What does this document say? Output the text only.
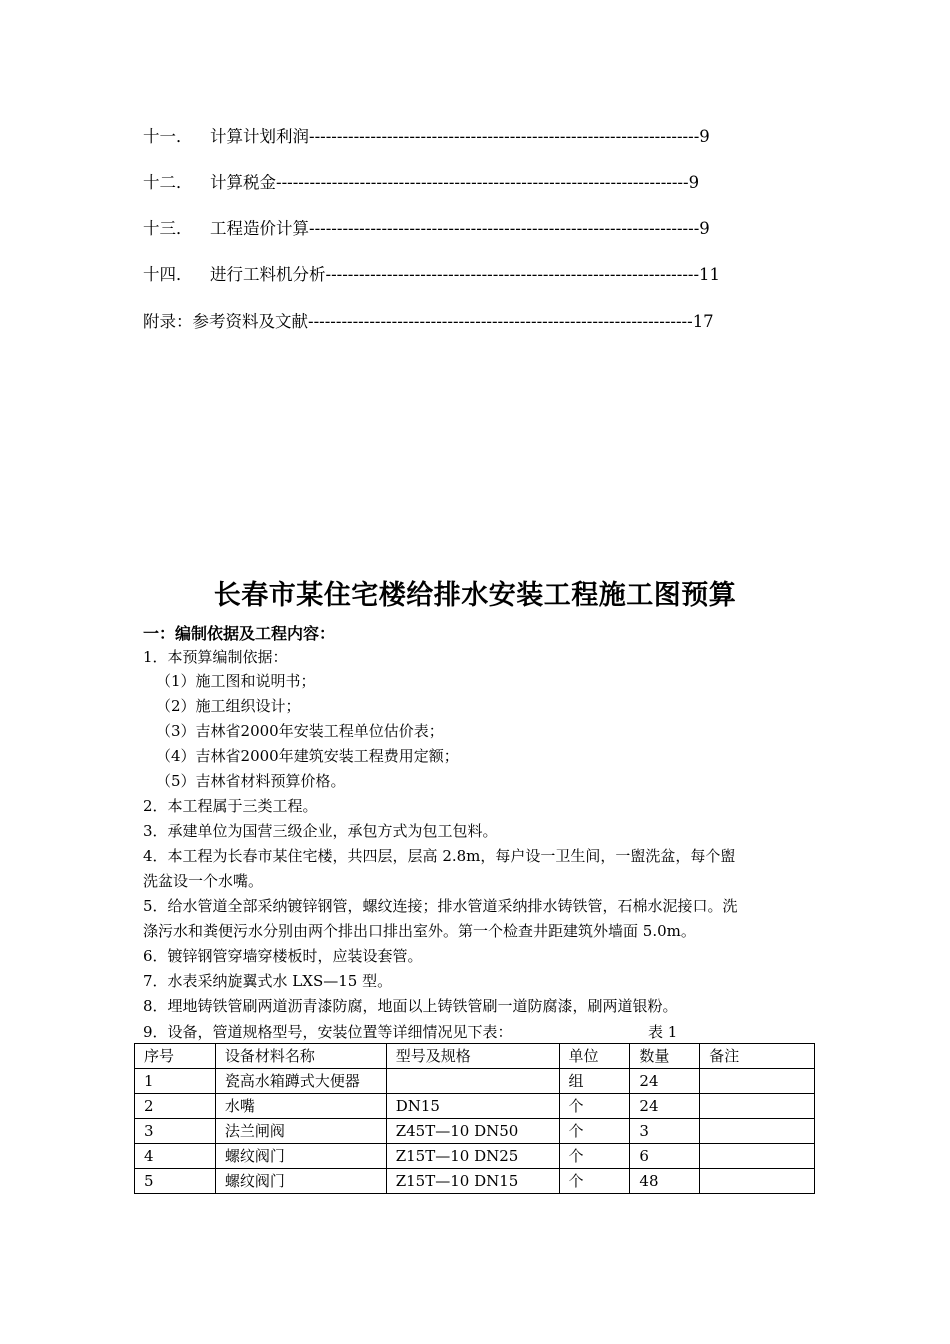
十一． 计算计划利润----------------------------------------------------------------------9
十二． 计算税金--------------------------------------------------------------------------9
十三． 工程造价计算----------------------------------------------------------------------9
十四． 进行工料机分析-------------------------------------------------------------------11
附录：参考资料及文献---------------------------------------------------------------------17
长春市某住宅楼给排水安装工程施工图预算
一：编制依据及工程内容：
1．本预算编制依据：
（1）施工图和说明书；
（2）施工组织设计；
（3）吉林省2000年安装工程单位估价表；
（4）吉林省2000年建筑安装工程费用定额；
（5）吉林省材料预算价格。
2．本工程属于三类工程。
3．承建单位为国营三级企业，承包方式为包工包料。
4．本工程为长春市某住宅楼，共四层，层高 2.8m，每户设一卫生间，一盥洗盆，每个盥
洗盆设一个水嘴。
5．给水管道全部采纳镀锌钢管，螺纹连接；排水管道采纳排水铸铁管，石棉水泥接口。洗
涤污水和粪便污水分别由两个排出口排出室外。第一个检查井距建筑外墙面 5.0m。
6．镀锌钢管穿墙穿楼板时，应装设套管。
7．水表采纳旋翼式水 LXS—15 型。
8．埋地铸铁管刷两道沥青漆防腐，地面以上铸铁管刷一道防腐漆，刷两道银粉。
9．设备，管道规格型号，安装位置等详细情况见下表：	表 1
序号	设备材料名称	型号及规格	单位	数量	备注
1	瓷高水箱蹲式大便器		组	24	
2	水嘴	DN15	个	24	
3	法兰闸阀	Z45T—10 DN50	个	3	
4	螺纹阀门	Z15T—10 DN25	个	6	
5	螺纹阀门	Z15T—10 DN15	个	48	
